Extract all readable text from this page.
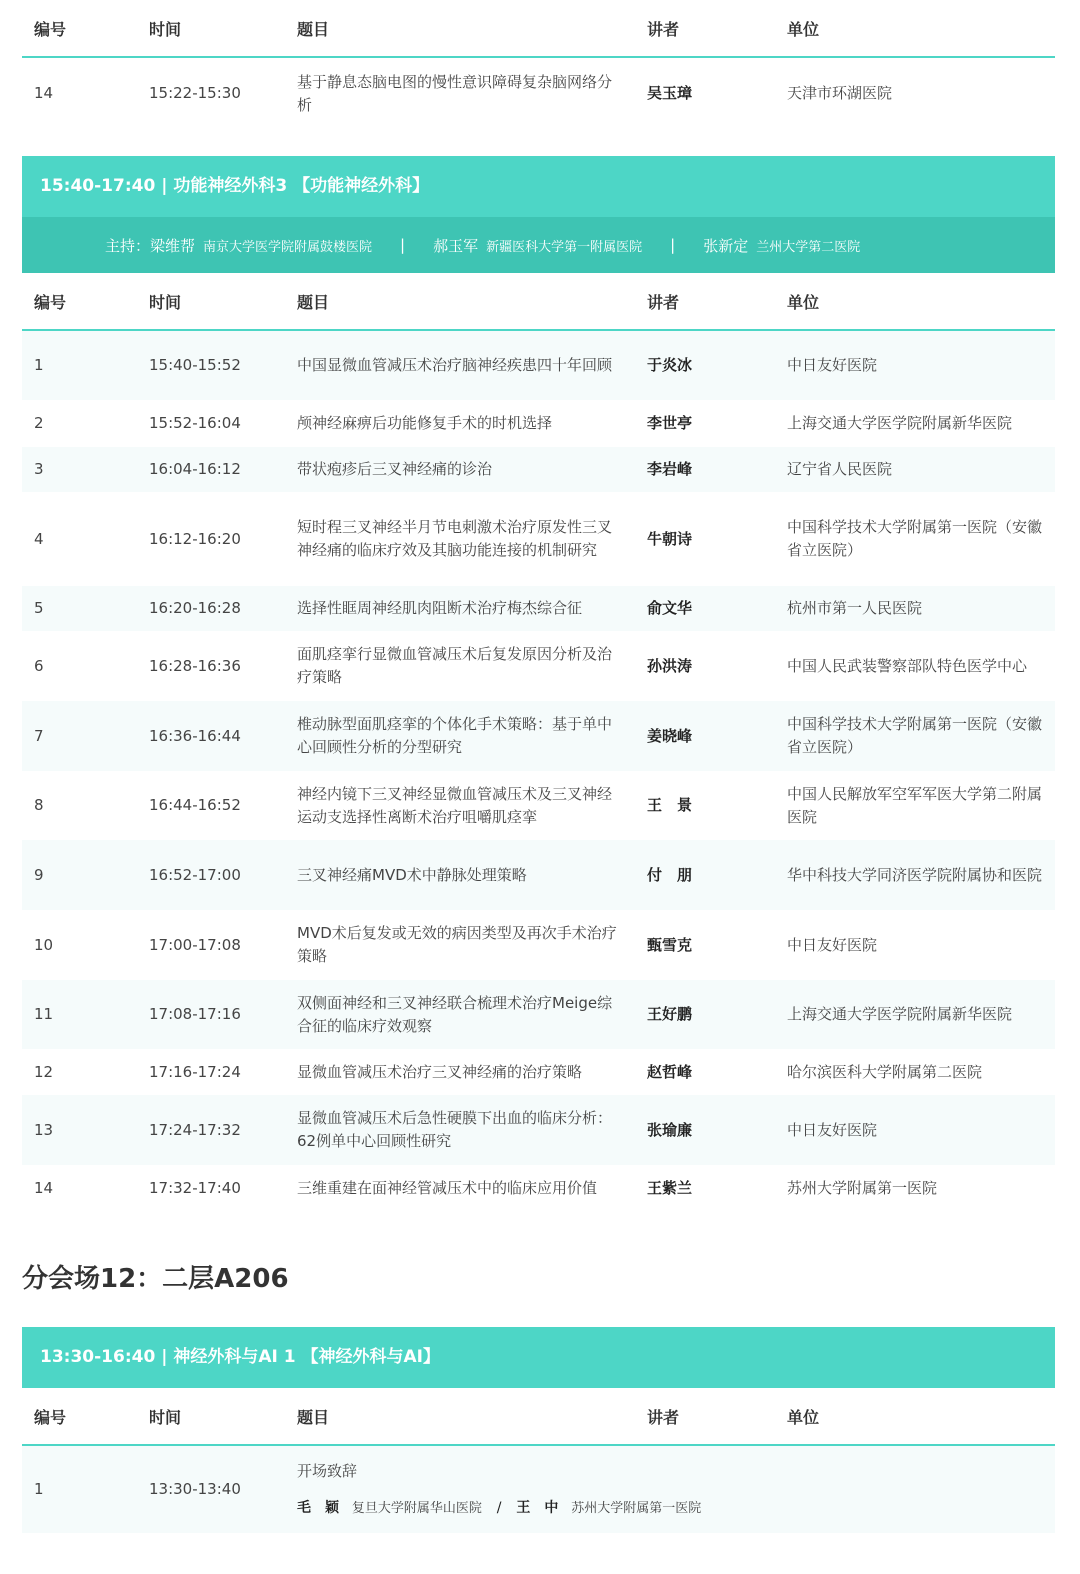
编号	时间	题目	讲者	单位
14	15:22-15:30	基于静息态脑电图的慢性意识障碍复杂脑网络分析	吴玉璋	天津市环湖医院
15:40-17:40 | 功能神经外科3 【功能神经外科】
主持： 梁维帮 南京大学医学院附属鼓楼医院 | 郝玉军 新疆医科大学第一附属医院 | 张新定 兰州大学第二医院
编号	时间	题目	讲者	单位
1	15:40-15:52	中国显微血管减压术治疗脑神经疾患四十年回顾	于炎冰	中日友好医院
2	15:52-16:04	颅神经麻痹后功能修复手术的时机选择	李世亭	上海交通大学医学院附属新华医院
3	16:04-16:12	带状疱疹后三叉神经痛的诊治	李岩峰	辽宁省人民医院
4	16:12-16:20	短时程三叉神经半月节电刺激术治疗原发性三叉神经痛的临床疗效及其脑功能连接的机制研究	牛朝诗	中国科学技术大学附属第一医院（安徽省立医院）
5	16:20-16:28	选择性眶周神经肌肉阻断术治疗梅杰综合征	俞文华	杭州市第一人民医院
6	16:28-16:36	面肌痉挛行显微血管减压术后复发原因分析及治疗策略	孙洪涛	中国人民武装警察部队特色医学中心
7	16:36-16:44	椎动脉型面肌痉挛的个体化手术策略：基于单中心回顾性分析的分型研究	姜晓峰	中国科学技术大学附属第一医院（安徽省立医院）
8	16:44-16:52	神经内镜下三叉神经显微血管减压术及三叉神经运动支选择性离断术治疗咀嚼肌痉挛	王　景	中国人民解放军空军军医大学第二附属医院
9	16:52-17:00	三叉神经痛MVD术中静脉处理策略	付　朋	华中科技大学同济医学院附属协和医院
10	17:00-17:08	MVD术后复发或无效的病因类型及再次手术治疗策略	甄雪克	中日友好医院
11	17:08-17:16	双侧面神经和三叉神经联合梳理术治疗Meige综合征的临床疗效观察	王好鹏	上海交通大学医学院附属新华医院
12	17:16-17:24	显微血管减压术治疗三叉神经痛的治疗策略	赵哲峰	哈尔滨医科大学附属第二医院
13	17:24-17:32	显微血管减压术后急性硬膜下出血的临床分析：62例单中心回顾性研究	张瑜廉	中日友好医院
14	17:32-17:40	三维重建在面神经管减压术中的临床应用价值	王紫兰	苏州大学附属第一医院
分会场12：二层A206
13:30-16:40 | 神经外科与AI 1 【神经外科与AI】
编号	时间	题目	讲者	单位
1	13:30-13:40	开场致辞
毛　颖 复旦大学附属华山医院 / 王　中 苏州大学附属第一医院		
